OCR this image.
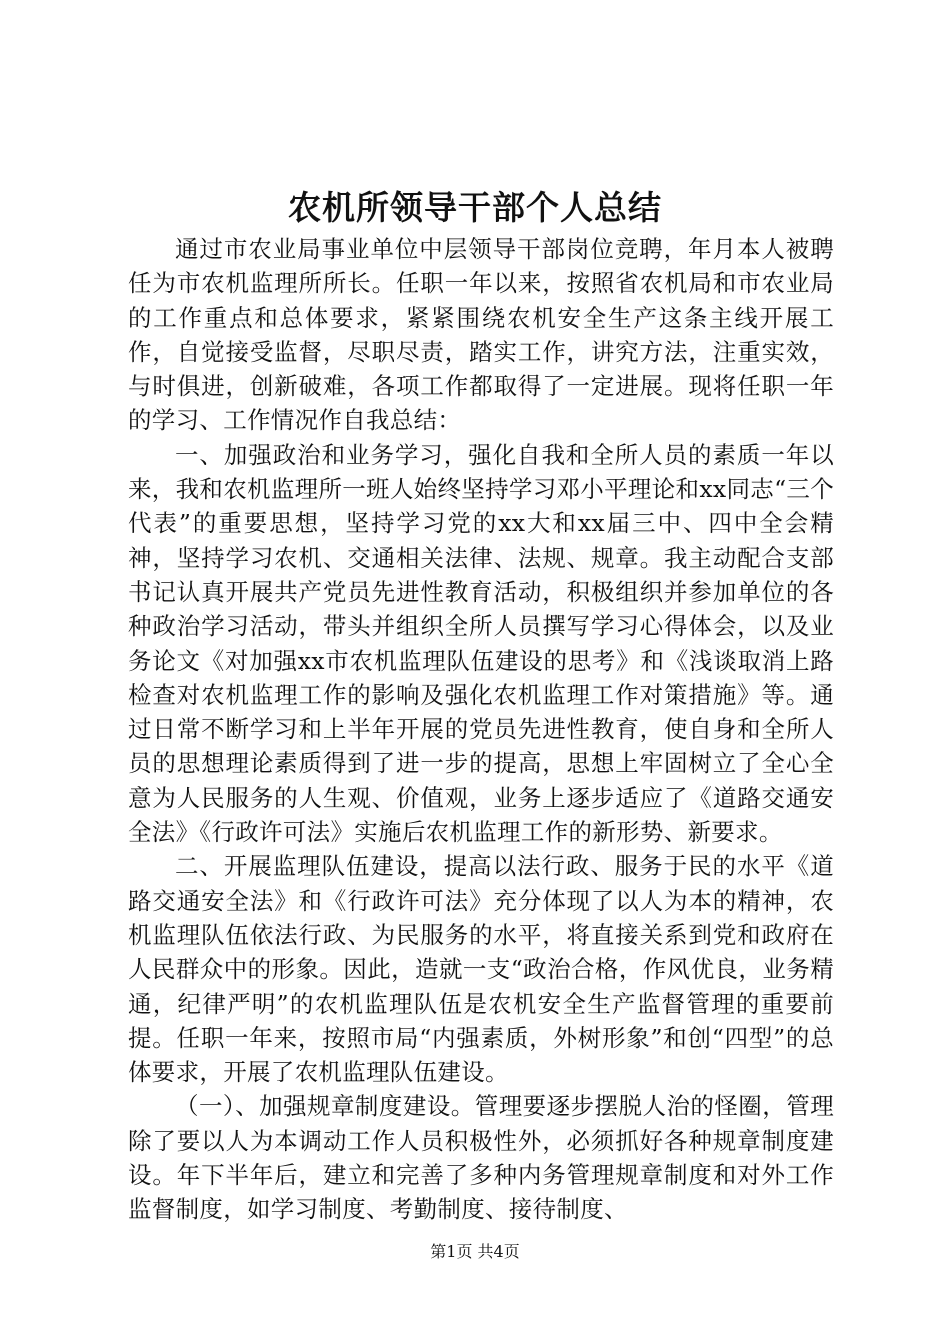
农机所领导干部个人总结

通过市农业局事业单位中层领导干部岗位竞聘，年月本人被聘任为市农机监理所所长。任职一年以来，按照省农机局和市农业局的工作重点和总体要求，紧紧围绕农机安全生产这条主线开展工作，自觉接受监督，尽职尽责，踏实工作，讲究方法，注重实效，与时俱进，创新破难，各项工作都取得了一定进展。现将任职一年的学习、工作情况作自我总结：

一、加强政治和业务学习，强化自我和全所人员的素质一年以来，我和农机监理所一班人始终坚持学习邓小平理论和xx同志“三个代表”的重要思想，坚持学习党的xx大和xx届三中、四中全会精神，坚持学习农机、交通相关法律、法规、规章。我主动配合支部书记认真开展共产党员先进性教育活动，积极组织并参加单位的各种政治学习活动，带头并组织全所人员撰写学习心得体会，以及业务论文《对加强xx市农机监理队伍建设的思考》和《浅谈取消上路检查对农机监理工作的影响及强化农机监理工作对策措施》等。通过日常不断学习和上半年开展的党员先进性教育，使自身和全所人员的思想理论素质得到了进一步的提高，思想上牢固树立了全心全意为人民服务的人生观、价值观，业务上逐步适应了《道路交通安全法》《行政许可法》实施后农机监理工作的新形势、新要求。

二、开展监理队伍建设，提高以法行政、服务于民的水平《道路交通安全法》和《行政许可法》充分体现了以人为本的精神，农机监理队伍依法行政、为民服务的水平，将直接关系到党和政府在人民群众中的形象。因此，造就一支“政治合格，作风优良，业务精通，纪律严明”的农机监理队伍是农机安全生产监督管理的重要前提。任职一年来，按照市局“内强素质，外树形象”和创“四型”的总体要求，开展了农机监理队伍建设。

（一）、加强规章制度建设。管理要逐步摆脱人治的怪圈，管理除了要以人为本调动工作人员积极性外，必须抓好各种规章制度建设。年下半年后，建立和完善了多种内务管理规章制度和对外工作监督制度，如学习制度、考勤制度、接待制度、

第1页 共4页
